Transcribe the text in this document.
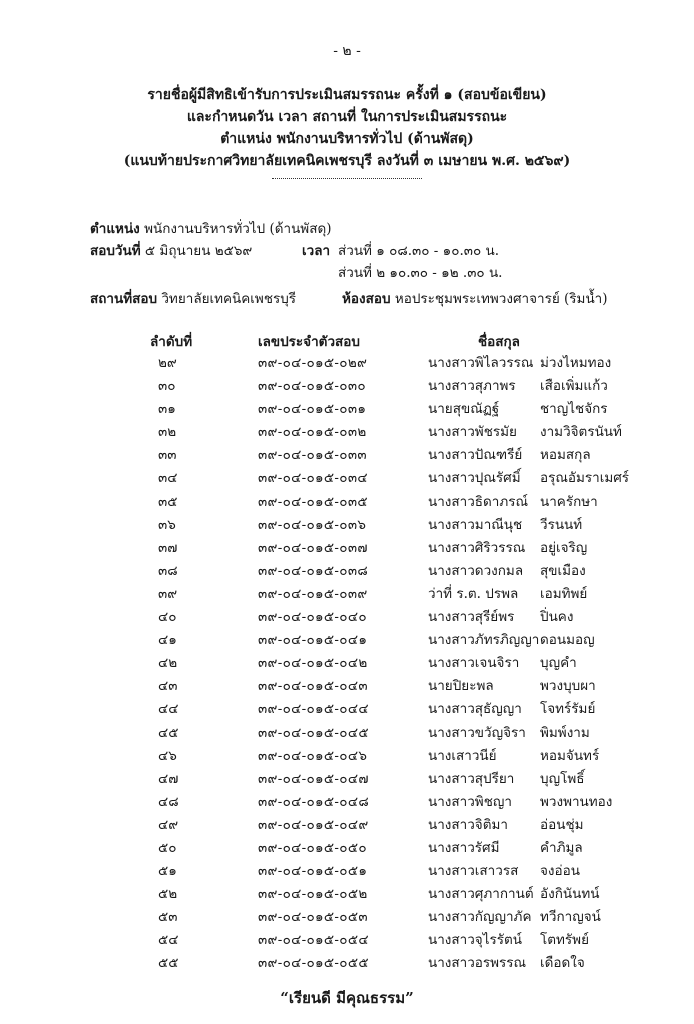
- ๒ -
รายชื่อผู้มีสิทธิเข้ารับการประเมินสมรรถนะ ครั้งที่ ๑ (สอบข้อเขียน)
และกำหนดวัน เวลา สถานที่ ในการประเมินสมรรถนะ
ตำแหน่ง พนักงานบริหารทั่วไป (ด้านพัสดุ)
(แนบท้ายประกาศวิทยาลัยเทคนิคเพชรบุรี ลงวันที่ ๓ เมษายน พ.ศ. ๒๕๖๙)
ตำแหน่ง พนักงานบริหารทั่วไป (ด้านพัสดุ)
สอบวันที่ ๕ มิถุนายน ๒๕๖๙	เวลา ส่วนที่ ๑ ๐๘.๓๐ - ๑๐.๓๐ น.
ส่วนที่ ๒ ๑๐.๓๐ - ๑๒ .๓๐ น.
สถานที่สอบ วิทยาลัยเทคนิคเพชรบุรี	ห้องสอบ หอประชุมพระเทพวงศาจารย์ (ริมน้ำ)
ลำดับที่	เลขประจำตัวสอบ	ชื่อสกุล
๒๙	๓๙-๐๔-๐๑๕-๐๒๙	นางสาวพิไลวรรณ ม่วงไหมทอง
๓๐	๓๙-๐๔-๐๑๕-๐๓๐	นางสาวสุภาพร เสือเพิ่มแก้ว
๓๑	๓๙-๐๔-๐๑๕-๐๓๑	นายสุขณัฏฐ์	ชาญไชจักร
๓๒	๓๙-๐๔-๐๑๕-๐๓๒	นางสาวพัชรมัย งามวิจิตรนันท์
๓๓	๓๙-๐๔-๐๑๕-๐๓๓	นางสาวปัณฑรีย์ หอมสกุล
๓๔	๓๙-๐๔-๐๑๕-๐๓๔	นางสาวปุณรัศมิ์ อรุณอัมราเมศร์
๓๕	๓๙-๐๔-๐๑๕-๐๓๕	นางสาวธิดาภรณ์ นาครักษา
๓๖	๓๙-๐๔-๐๑๕-๐๓๖	นางสาวมาณีนุช วีรนนท์
๓๗	๓๙-๐๔-๐๑๕-๐๓๗	นางสาวศิริวรรณ อยู่เจริญ
๓๘	๓๙-๐๔-๐๑๕-๐๓๘	นางสาวดวงกมล สุขเมือง
๓๙	๓๙-๐๔-๐๑๕-๐๓๙	ว่าที่ ร.ต. ปรพล เอมทิพย์
๔๐	๓๙-๐๔-๐๑๕-๐๔๐	นางสาวสุรีย์พร ปิ่นคง
๔๑	๓๙-๐๔-๐๑๕-๐๔๑	นางสาวภัทรภิญญา ดอนมอญ
๔๒	๓๙-๐๔-๐๑๕-๐๔๒	นางสาวเจนจิรา บุญคำ
๔๓	๓๙-๐๔-๐๑๕-๐๔๓	นายปิยะพล	พวงบุบผา
๔๔	๓๙-๐๔-๐๑๕-๐๔๔	นางสาวสุธัญญา โจทร์รัมย์
๔๕	๓๙-๐๔-๐๑๕-๐๔๕	นางสาวขวัญจิรา พิมพ์งาม
๔๖	๓๙-๐๔-๐๑๕-๐๔๖	นางเสาวนีย์	หอมจันทร์
๔๗	๓๙-๐๔-๐๑๕-๐๔๗	นางสาวสุปรียา บุญโพธิ์
๔๘	๓๙-๐๔-๐๑๕-๐๔๘	นางสาวพิชญา พวงพานทอง
๔๙	๓๙-๐๔-๐๑๕-๐๔๙	นางสาวจิติมา อ่อนชุ่ม
๕๐	๓๙-๐๔-๐๑๕-๐๕๐	นางสาวรัศมี	คำภิมูล
๕๑	๓๙-๐๔-๐๑๕-๐๕๑	นางสาวเสาวรส จงอ่อน
๕๒	๓๙-๐๔-๐๑๕-๐๕๒	นางสาวศุภากานต์ อังกินันทน์
๕๓	๓๙-๐๔-๐๑๕-๐๕๓	นางสาวกัญญาภัค ทวีกาญจน์
๕๔	๓๙-๐๔-๐๑๕-๐๕๔	นางสาวจุไรรัตน์ โตทรัพย์
๕๕	๓๙-๐๔-๐๑๕-๐๕๕	นางสาวอรพรรณ เดือดใจ
“เรียนดี มีคุณธรรม”
